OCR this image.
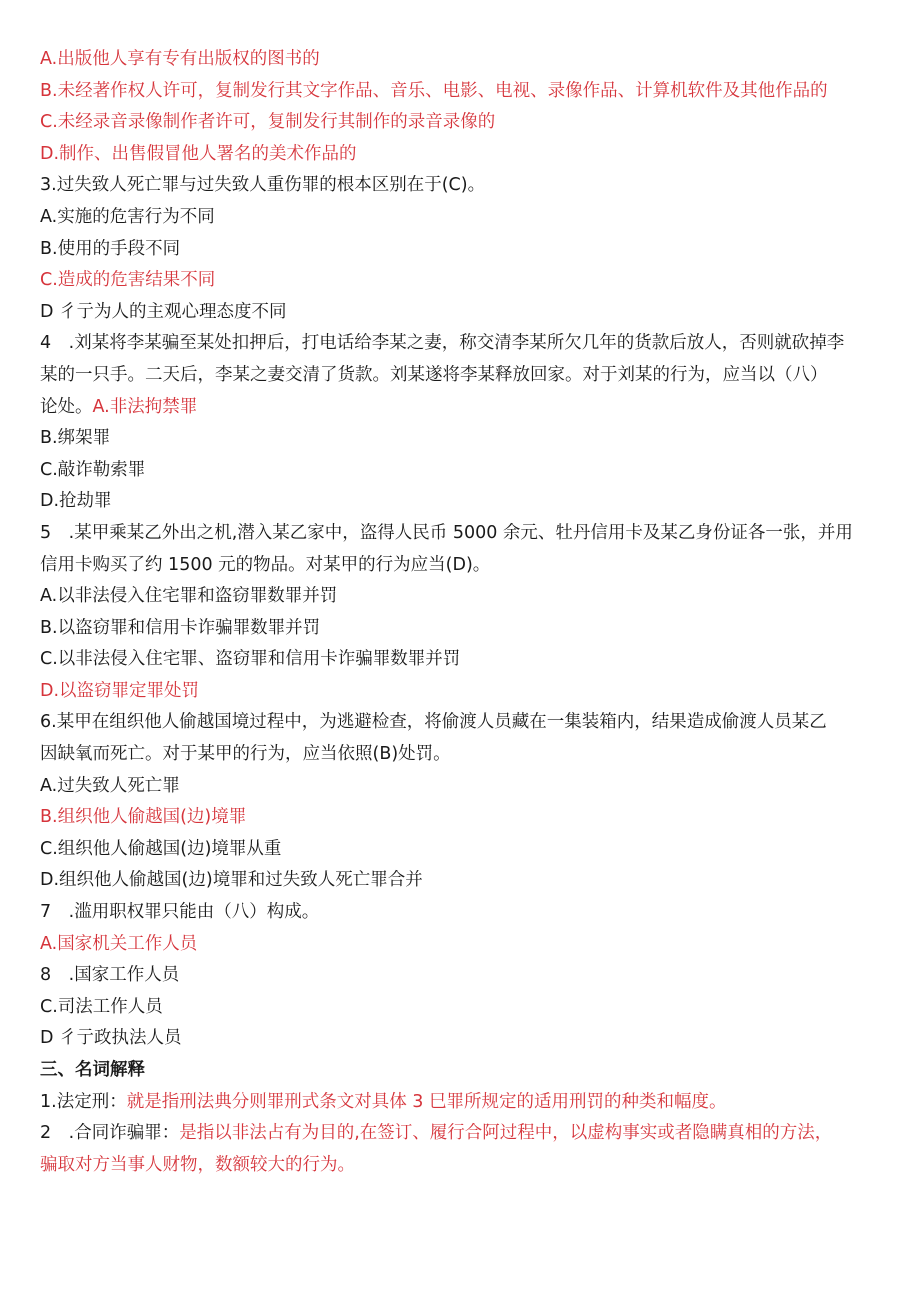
A.出版他人享有专有出版权的图书的
B.未经著作权人许可，复制发行其文字作品、音乐、电影、电视、录像作品、计算机软件及其他作品的
C.未经录音录像制作者许可，复制发行其制作的录音录像的
D.制作、出售假冒他人署名的美术作品的
3.过失致人死亡罪与过失致人重伤罪的根本区别在于(C)。
A.实施的危害行为不同
B.使用的手段不同
C.造成的危害结果不同
D 彳亍为人的主观心理态度不同
4　.刘某将李某骗至某处扣押后，打电话给李某之妻，称交清李某所欠几年的货款后放人，否则就砍掉李
某的一只手。二天后，李某之妻交清了货款。刘某遂将李某释放回家。对于刘某的行为，应当以（八）
论处。A.非法拘禁罪
B.绑架罪
C.敲诈勒索罪
D.抢劫罪
5　.某甲乘某乙外出之机,潜入某乙家中，盗得人民币 5000 余元、牡丹信用卡及某乙身份证各一张，并用
信用卡购买了约 1500 元的物品。对某甲的行为应当(D)。
A.以非法侵入住宅罪和盗窃罪数罪并罚
B.以盗窃罪和信用卡诈骗罪数罪并罚
C.以非法侵入住宅罪、盗窃罪和信用卡诈骗罪数罪并罚
D.以盗窃罪定罪处罚
6.某甲在组织他人偷越国境过程中，为逃避检查，将偷渡人员藏在一集装箱内，结果造成偷渡人员某乙
因缺氧而死亡。对于某甲的行为，应当依照(B)处罚。
A.过失致人死亡罪
B.组织他人偷越国(边)境罪
C.组织他人偷越国(边)境罪从重
D.组织他人偷越国(边)境罪和过失致人死亡罪合并
7　.滥用职权罪只能由（八）构成。
A.国家机关工作人员
8　.国家工作人员
C.司法工作人员
D 彳亍政执法人员
三、名词解释
1.法定刑：就是指刑法典分则罪刑式条文对具体 3 巳罪所规定的适用刑罚的种类和幅度。
2　.合同诈骗罪：是指以非法占有为目的,在签订、履行合阿过程中，以虚构事实或者隐瞒真相的方法，
骗取对方当事人财物，数额较大的行为。
